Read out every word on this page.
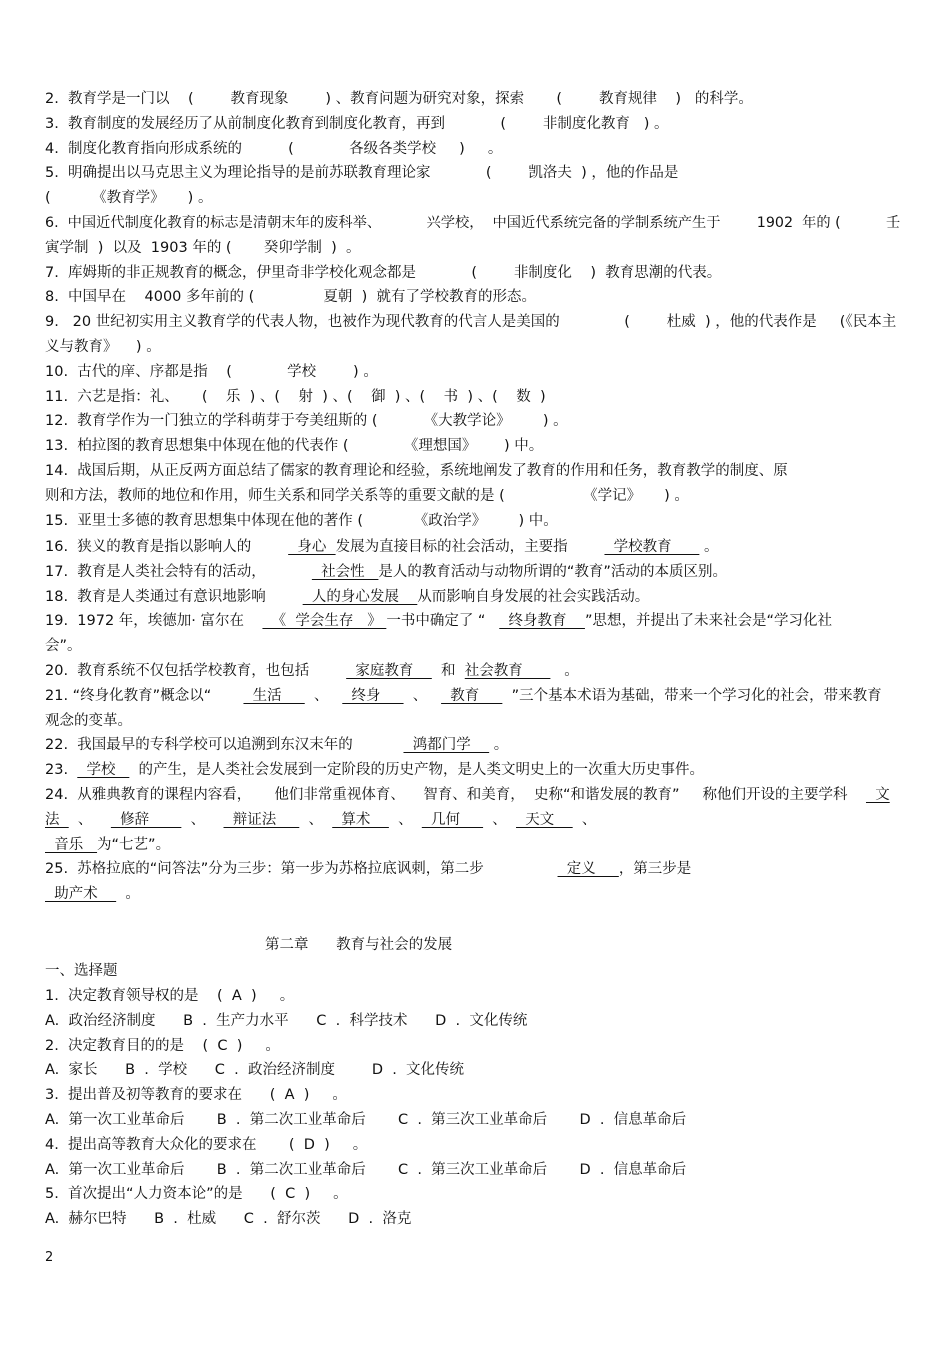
2.  教育学是一门以    (        教育现象        ) 、教育问题为研究对象，探索       (        教育规律    )   的科学。
3.  教育制度的发展经历了从前制度化教育到制度化教育，再到            (        非制度化教育   ) 。
4.  制度化教育指向形成系统的          (            各级各类学校     )     。
5.  明确提出以马克思主义为理论指导的是前苏联教育理论家            (        凯洛夫  ) ，他的作品是
(         《教育学》     ) 。
6.  中国近代制度化教育的标志是清朝末年的废科举、          兴学校，  中国近代系统完备的学制系统产生于        1902  年的 (          壬
寅学制  )  以及  1903 年的 (       癸卯学制  )  。
7.  库姆斯的非正规教育的概念，伊里奇非学校化观念都是            (        非制度化    )  教育思潮的代表。
8.  中国早在    4000 多年前的 (               夏朝  )  就有了学校教育的形态。
9.   20 世纪初实用主义教育学的代表人物，也被作为现代教育的代言人是美国的              (        杜威  ) ，他的代表作是     (《民本主
义与教育》    ) 。
10.  古代的庠、序都是指    (            学校        ) 。
11.  六艺是指：礼、     (    乐  ) 、(    射  ) 、(    御  ) 、(    书  ) 、(    数  )
12.  教育学作为一门独立的学科萌芽于夸美纽斯的 (          《大教学论》       ) 。
13.  柏拉图的教育思想集中体现在他的代表作 (            《理想国》      ) 中。
14.  战国后期，从正反两方面总结了儒家的教育理论和经验，系统地阐发了教育的作用和任务，教育教学的制度、原
则和方法，教师的地位和作用，师生关系和同学关系等的重要文献的是 (                 《学记》     ) 。
15.  亚里士多德的教育思想集中体现在他的著作 (           《政治学》       ) 中。
16.  狭义的教育是指以影响人的          身心  发展为直接目标的社会活动，主要指          学校教育       。
17.  教育是人类社会特有的活动，            社会性   是人的教育活动与动物所谓的“教育”活动的本质区别。
18.  教育是人类通过有意识地影响          人的身心发展    从而影响自身发展的社会实践活动。
19.  1972 年，埃德加· 富尔在      《  学会生存   》 一书中确定了 “     终身教育    ”思想，并提出了未来社会是“学习化社
会”。
20.  教育系统不仅包括学校教育，也包括          家庭教育      和  社会教育         。
21. “终身化教育”概念以“         生活       、     终身       、     教育       ”三个基本术语为基础，带来一个学习化的社会，带来教育
观念的变革。
22.  我国最早的专科学校可以追溯到东汉末年的             鸿都门学     。
23.    学校     的产生，是人类社会发展到一定阶段的历史产物，是人类文明史上的一次重大历史事件。
24.  从雅典教育的课程内容看，     他们非常重视体育、    智育、和美育，  史称“和谐发展的教育”     称他们开设的主要学科      文
法    、      修辞         、      辩证法       、    算术      、    几何       、    天文      、
音乐   为“七艺”。
25.  苏格拉底的“问答法”分为三步：第一步为苏格拉底讽刺，第二步                  定义     ，第三步是
助产术      。
第二章      教育与社会的发展
一、选择题
1.  决定教育领导权的是    (  A  )     。
A.  政治经济制度      B  .  生产力水平      C  .  科学技术      D  .  文化传统
2.  决定教育目的的是    (  C  )     。
A.  家长      B  .  学校      C  .  政治经济制度        D  .  文化传统
3.  提出普及初等教育的要求在      (  A  )     。
A.  第一次工业革命后       B  .  第二次工业革命后       C  .  第三次工业革命后       D  .  信息革命后
4.  提出高等教育大众化的要求在       (  D  )     。
A.  第一次工业革命后       B  .  第二次工业革命后       C  .  第三次工业革命后       D  .  信息革命后
5.  首次提出“人力资本论”的是      (  C  )     。
A.  赫尔巴特      B  .  杜威      C  .  舒尔茨      D  .  洛克
2
